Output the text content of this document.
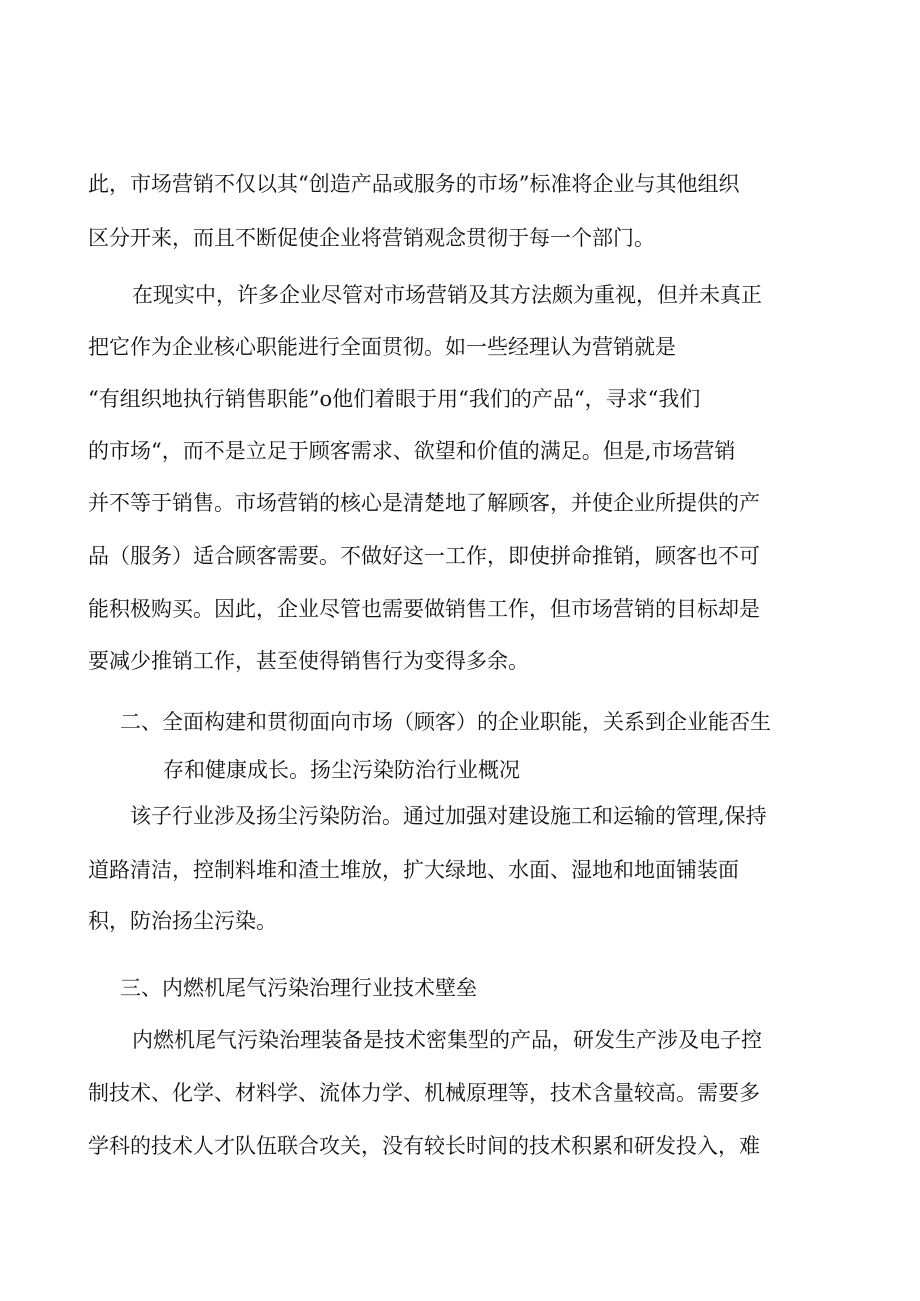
此，市场营销不仅以其“创造产品或服务的市场”标准将企业与其他组织
区分开来，而且不断促使企业将营销观念贯彻于每一个部门。
在现实中，许多企业尽管对市场营销及其方法颇为重视，但并未真正
把它作为企业核心职能进行全面贯彻。如一些经理认为营销就是
“有组织地执行销售职能”o他们着眼于用“我们的产品“，寻求“我们
的市场“，而不是立足于顾客需求、欲望和价值的满足。但是,市场营销
并不等于销售。市场营销的核心是清楚地了解顾客，并使企业所提供的产
品（服务）适合顾客需要。不做好这一工作，即使拼命推销，顾客也不可
能积极购买。因此，企业尽管也需要做销售工作，但市场营销的目标却是
要减少推销工作，甚至使得销售行为变得多余。
二、全面构建和贯彻面向市场（顾客）的企业职能，关系到企业能否生
存和健康成长。扬尘污染防治行业概况
该子行业涉及扬尘污染防治。通过加强对建设施工和运输的管理,保持
道路清洁，控制料堆和渣土堆放，扩大绿地、水面、湿地和地面铺装面
积，防治扬尘污染。
三、内燃机尾气污染治理行业技术壁垒
内燃机尾气污染治理装备是技术密集型的产品，研发生产涉及电子控
制技术、化学、材料学、流体力学、机械原理等，技术含量较高。需要多
学科的技术人才队伍联合攻关，没有较长时间的技术积累和研发投入，难
